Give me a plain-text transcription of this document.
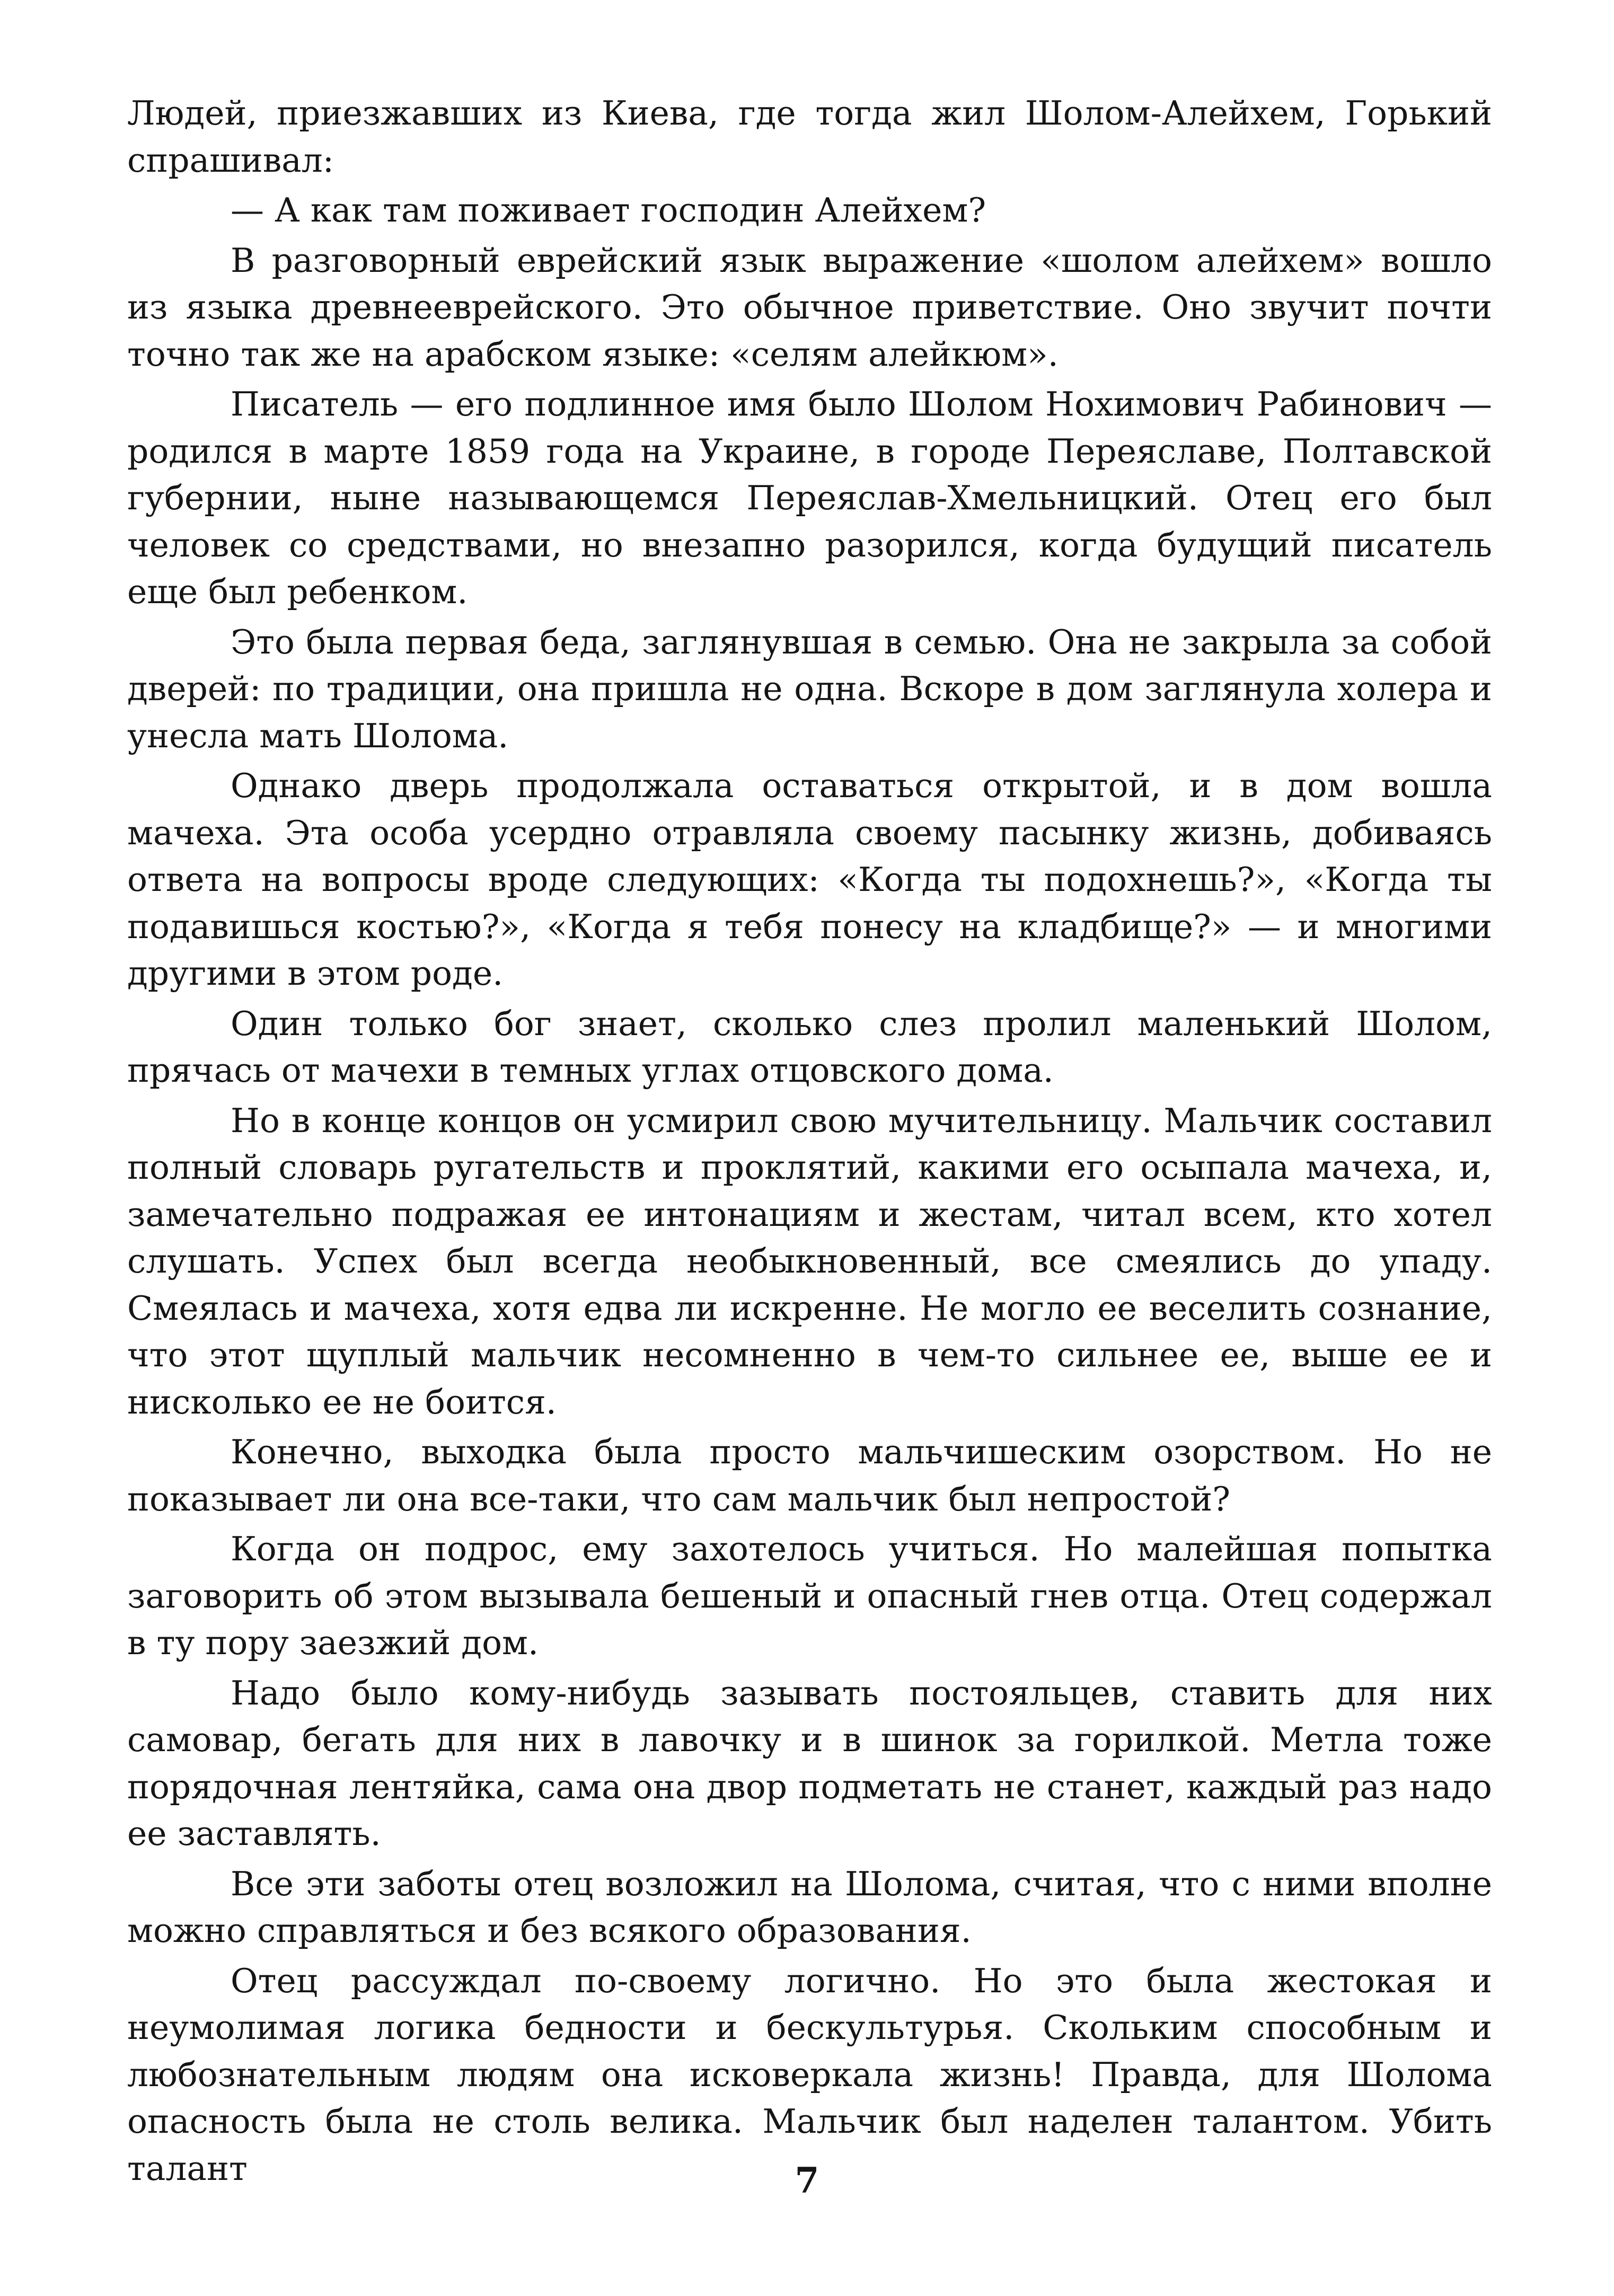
Людей, приезжавших из Киева, где тогда жил Шолом-Алейхем, Горький спрашивал:

— А как там поживает господин Алейхем?

В разговорный еврейский язык выражение «шолом алейхем» вошло из языка древнееврейского. Это обычное приветствие. Оно звучит почти точно так же на арабском языке: «селям алейкюм».

Писатель — его подлинное имя было Шолом Нохимович Рабинович — родился в марте 1859 года на Украине, в городе Переяславе, Полтавской губернии, ныне называющемся Переяслав-Хмельницкий. Отец его был человек со средствами, но внезапно разорился, когда будущий писатель еще был ребенком.

Это была первая беда, заглянувшая в семью. Она не закрыла за собой дверей: по традиции, она пришла не одна. Вскоре в дом заглянула холера и унесла мать Шолома.

Однако дверь продолжала оставаться открытой, и в дом вошла мачеха. Эта особа усердно отравляла своему пасынку жизнь, добиваясь ответа на вопросы вроде следующих: «Когда ты подохнешь?», «Когда ты подавишься костью?», «Когда я тебя понесу на кладбище?» — и многими другими в этом роде.

Один только бог знает, сколько слез пролил маленький Шолом, прячась от мачехи в темных углах отцовского дома.

Но в конце концов он усмирил свою мучительницу. Мальчик составил полный словарь ругательств и проклятий, какими его осыпала мачеха, и, замечательно подражая ее интонациям и жестам, читал всем, кто хотел слушать. Успех был всегда необыкновенный, все смеялись до упаду. Смеялась и мачеха, хотя едва ли искренне. Не могло ее веселить сознание, что этот щуплый мальчик несомненно в чем-то сильнее ее, выше ее и нисколько ее не боится.

Конечно, выходка была просто мальчишеским озорством. Но не показывает ли она все-таки, что сам мальчик был непростой?

Когда он подрос, ему захотелось учиться. Но малейшая попытка заговорить об этом вызывала бешеный и опасный гнев отца. Отец содержал в ту пору заезжий дом.

Надо было кому-нибудь зазывать постояльцев, ставить для них самовар, бегать для них в лавочку и в шинок за горилкой. Метла тоже порядочная лентяйка, сама она двор подметать не станет, каждый раз надо ее заставлять.

Все эти заботы отец возложил на Шолома, считая, что с ними вполне можно справляться и без всякого образования.

Отец рассуждал по-своему логично. Но это была жестокая и неумолимая логика бедности и бескультурья. Скольким способным и любознательным людям она исковеркала жизнь! Правда, для Шолома опасность была не столь велика. Мальчик был наделен талантом. Убить талант	7
